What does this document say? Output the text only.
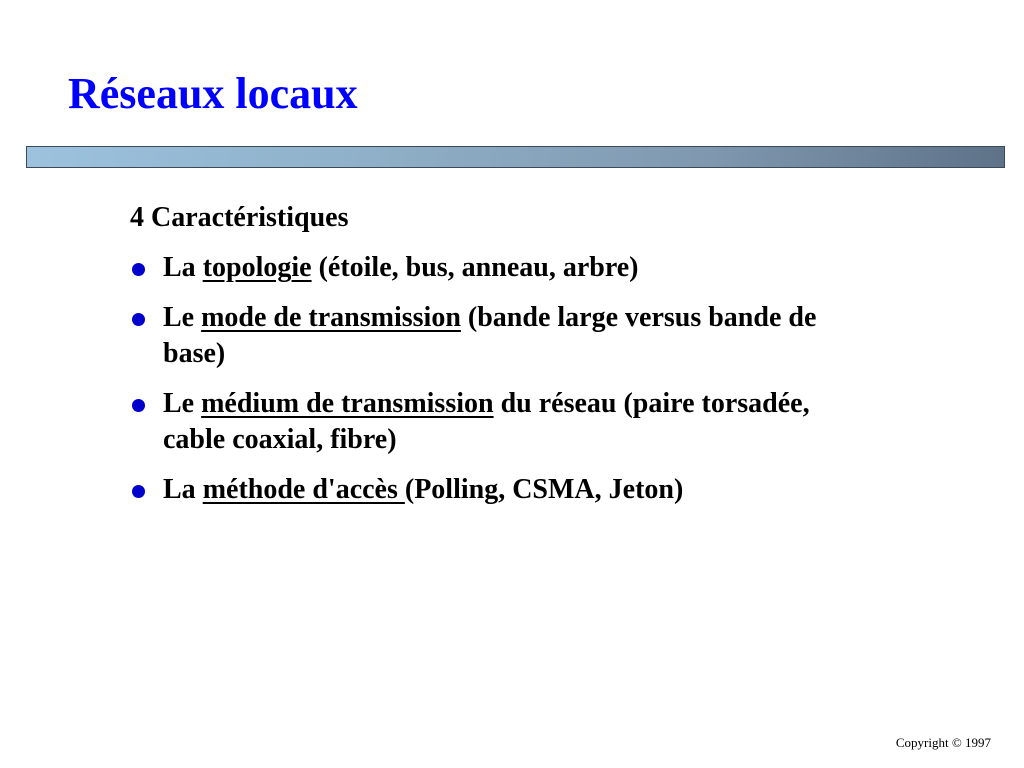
Réseaux locaux

4 Caractéristiques

La topologie (étoile, bus, anneau, arbre)
Le mode de transmission (bande large versus bande de base)
Le médium de transmission du réseau (paire torsadée, cable coaxial, fibre)
La méthode d'accès (Polling, CSMA, Jeton)
Copyright © 1997
